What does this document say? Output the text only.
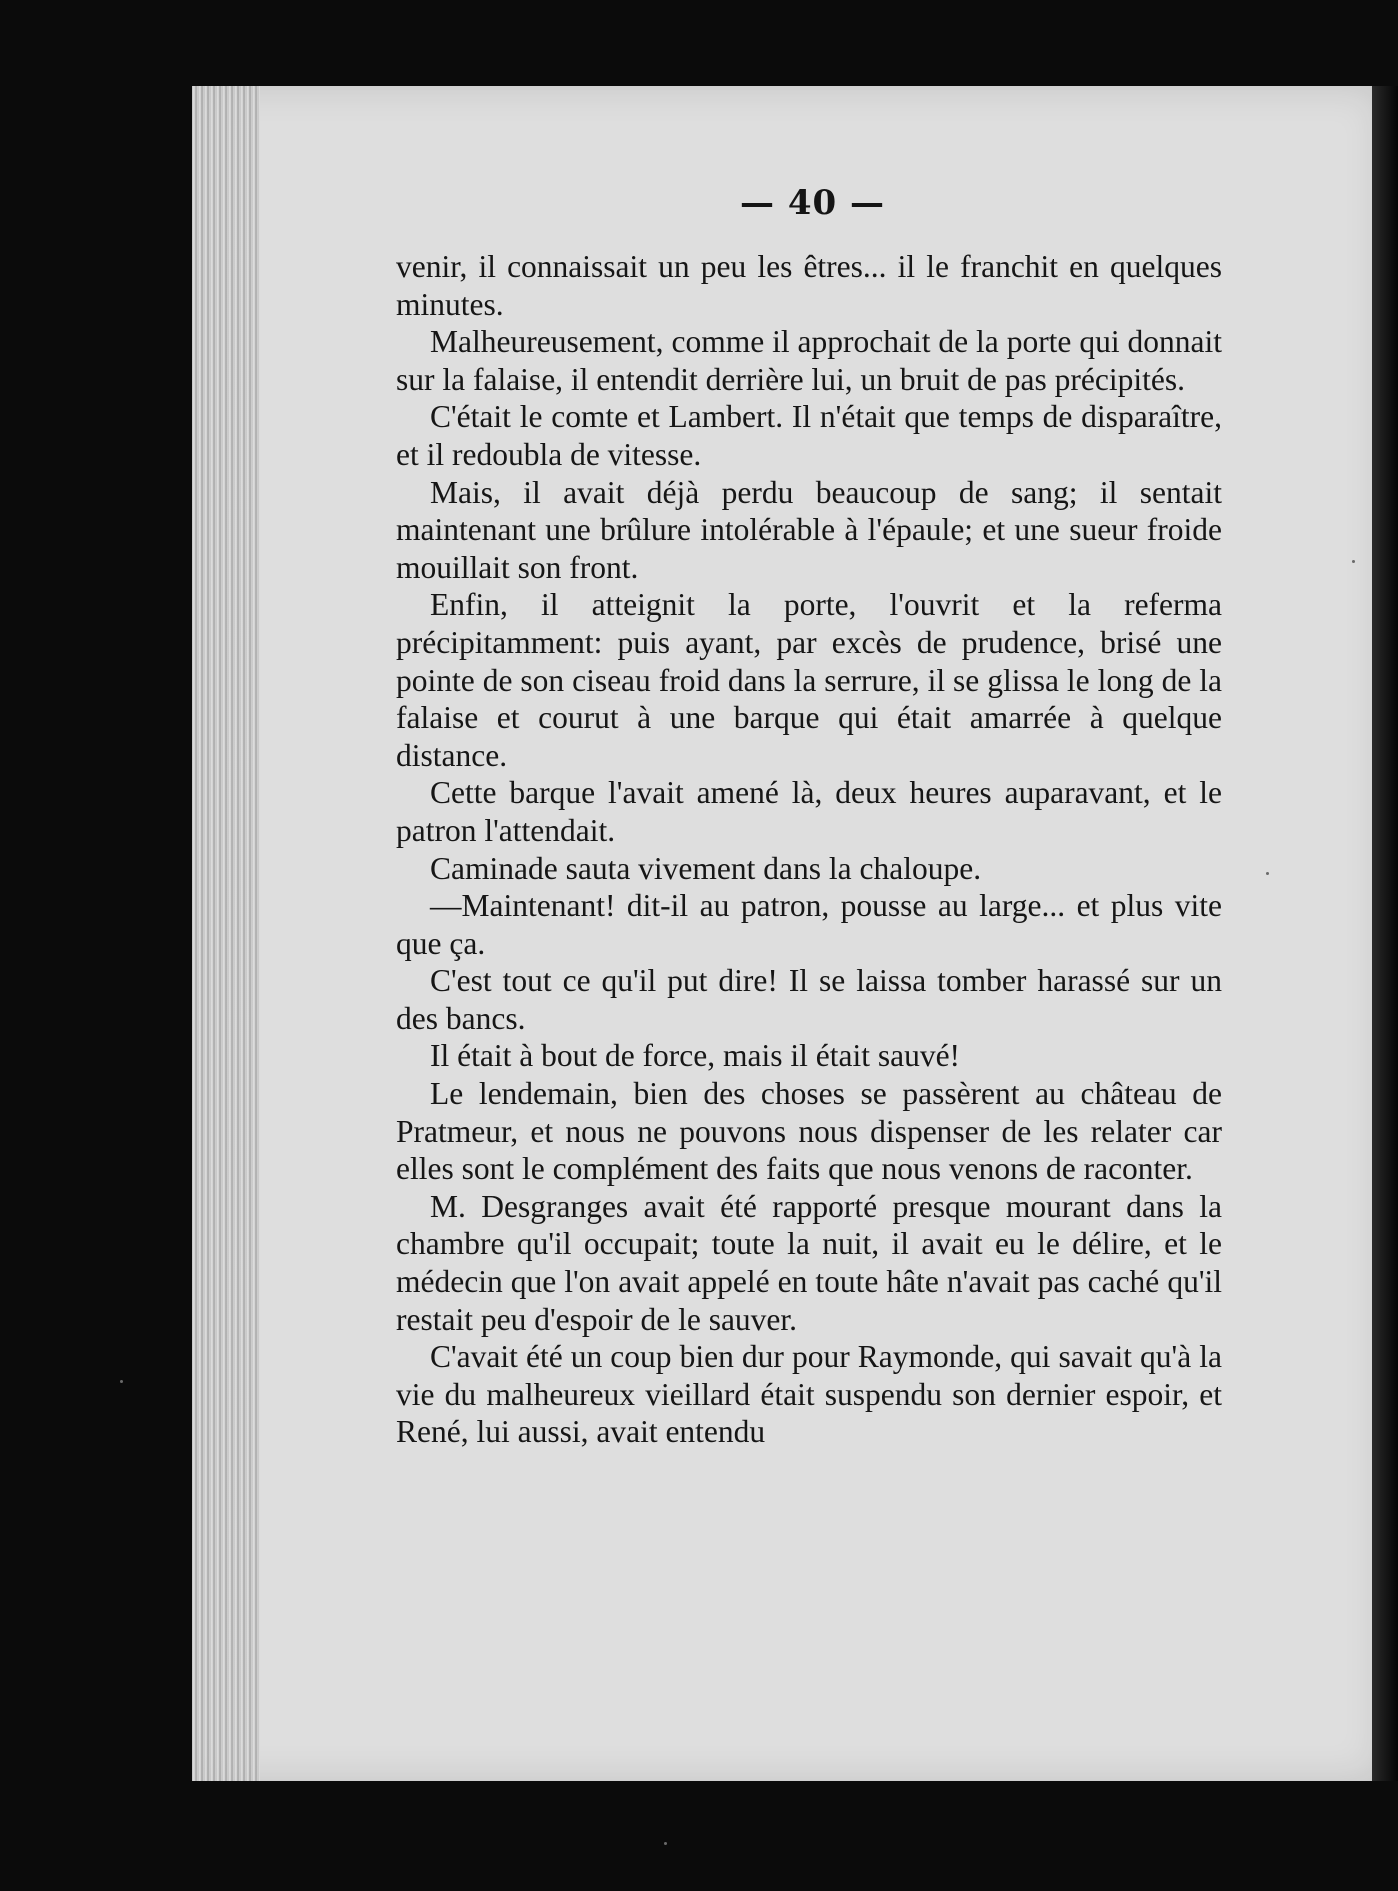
— 40 —

venir, il connaissait un peu les êtres... il le franchit en quelques minutes.

Malheureusement, comme il approchait de la porte qui donnait sur la falaise, il entendit derrière lui, un bruit de pas précipités.

C'était le comte et Lambert. Il n'était que temps de disparaître, et il redoubla de vitesse.

Mais, il avait déjà perdu beaucoup de sang; il sentait maintenant une brûlure intolérable à l'épaule; et une sueur froide mouillait son front.

Enfin, il atteignit la porte, l'ouvrit et la referma précipitamment: puis ayant, par excès de prudence, brisé une pointe de son ciseau froid dans la serrure, il se glissa le long de la falaise et courut à une barque qui était amarrée à quelque distance.

Cette barque l'avait amené là, deux heures auparavant, et le patron l'attendait.

Caminade sauta vivement dans la chaloupe.

—Maintenant! dit-il au patron, pousse au large... et plus vite que ça.

C'est tout ce qu'il put dire! Il se laissa tomber harassé sur un des bancs.

Il était à bout de force, mais il était sauvé!

Le lendemain, bien des choses se passèrent au château de Pratmeur, et nous ne pouvons nous dispenser de les relater car elles sont le complément des faits que nous venons de raconter.

M. Desgranges avait été rapporté presque mourant dans la chambre qu'il occupait; toute la nuit, il avait eu le délire, et le médecin que l'on avait appelé en toute hâte n'avait pas caché qu'il restait peu d'espoir de le sauver.

C'avait été un coup bien dur pour Raymonde, qui savait qu'à la vie du malheureux vieillard était suspendu son dernier espoir, et René, lui aussi, avait entendu
